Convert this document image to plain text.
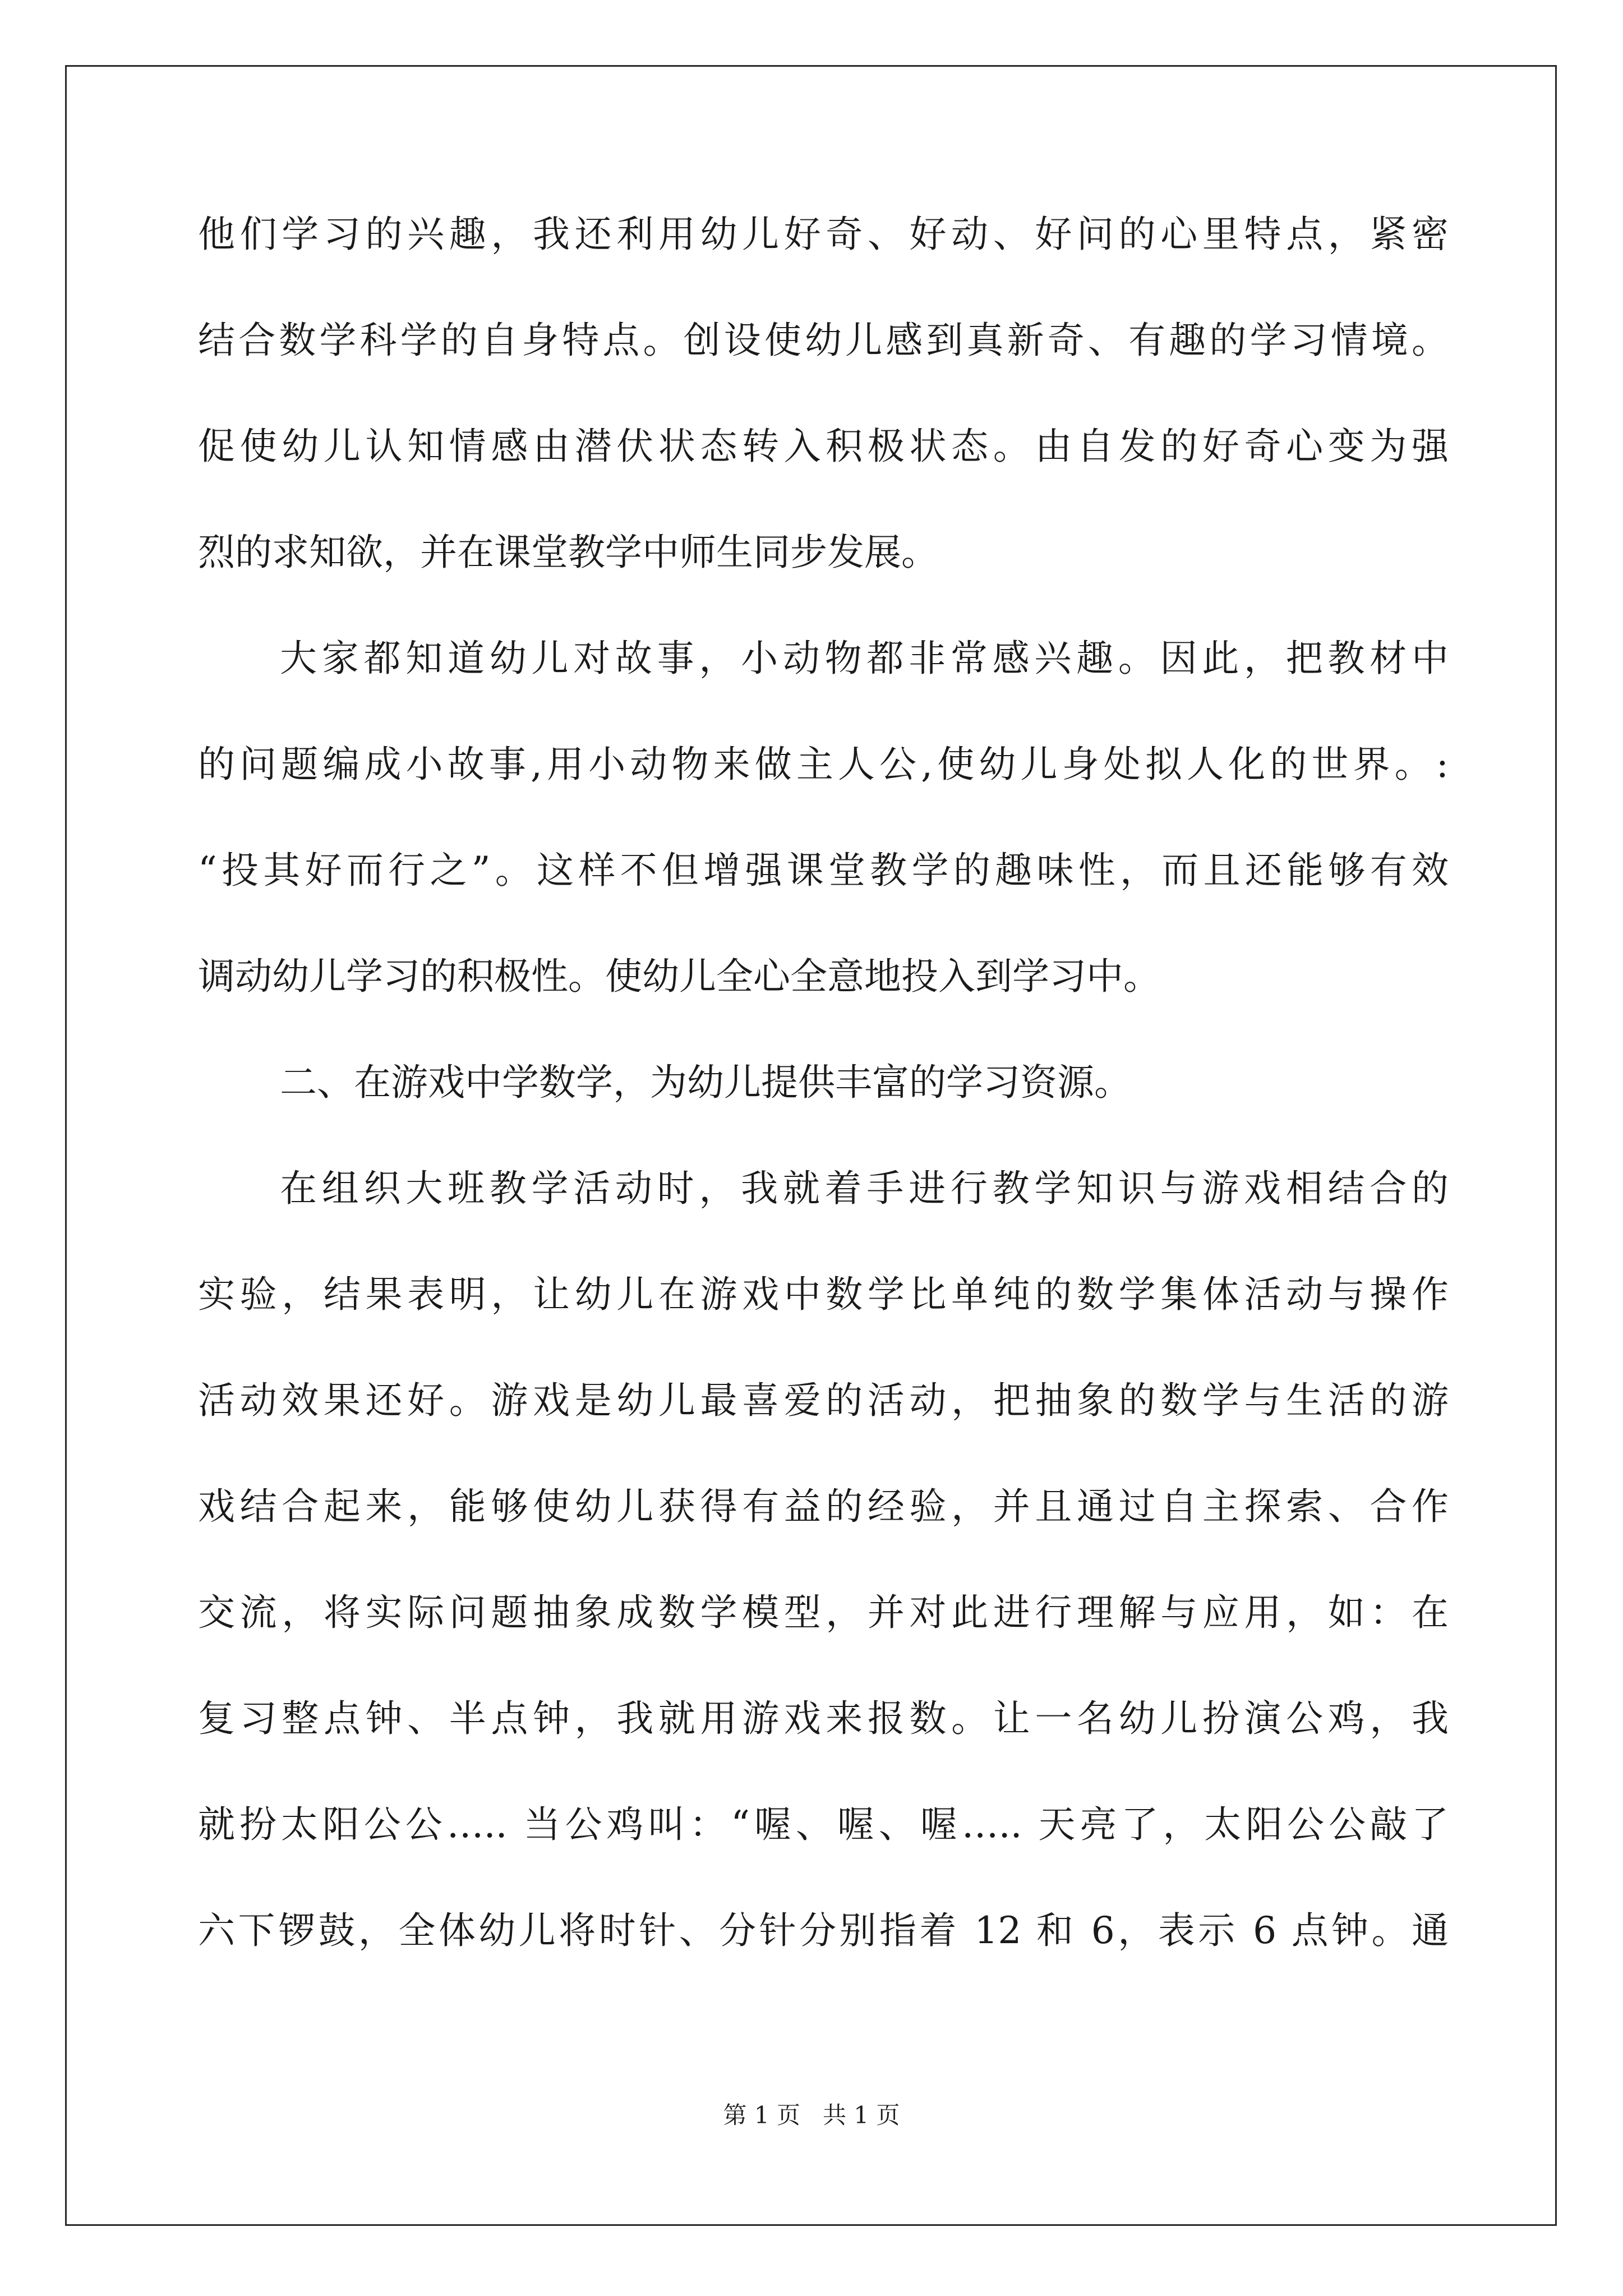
他们学习的兴趣，我还利用幼儿好奇、好动、好问的心里特点，紧密
结合数学科学的自身特点。创设使幼儿感到真新奇、有趣的学习情境。
促使幼儿认知情感由潜伏状态转入积极状态。由自发的好奇心变为强
烈的求知欲，并在课堂教学中师生同步发展。
大家都知道幼儿对故事，小动物都非常感兴趣。因此，把教材中
的问题编成小故事,用小动物来做主人公,使幼儿身处拟人化的世界。:
“投其好而行之”。这样不但增强课堂教学的趣味性，而且还能够有效
调动幼儿学习的积极性。使幼儿全心全意地投入到学习中。
二、在游戏中学数学，为幼儿提供丰富的学习资源。
在组织大班教学活动时，我就着手进行教学知识与游戏相结合的
实验，结果表明，让幼儿在游戏中数学比单纯的数学集体活动与操作
活动效果还好。游戏是幼儿最喜爱的活动，把抽象的数学与生活的游
戏结合起来，能够使幼儿获得有益的经验，并且通过自主探索、合作
交流，将实际问题抽象成数学模型，并对此进行理解与应用，如：在
复习整点钟、半点钟，我就用游戏来报数。让一名幼儿扮演公鸡，我
就扮太阳公公….. 当公鸡叫：“喔、喔、喔….. 天亮了，太阳公公敲了
六下锣鼓，全体幼儿将时针、分针分别指着 12 和 6，表示 6 点钟。通
第 1 页   共 1 页
